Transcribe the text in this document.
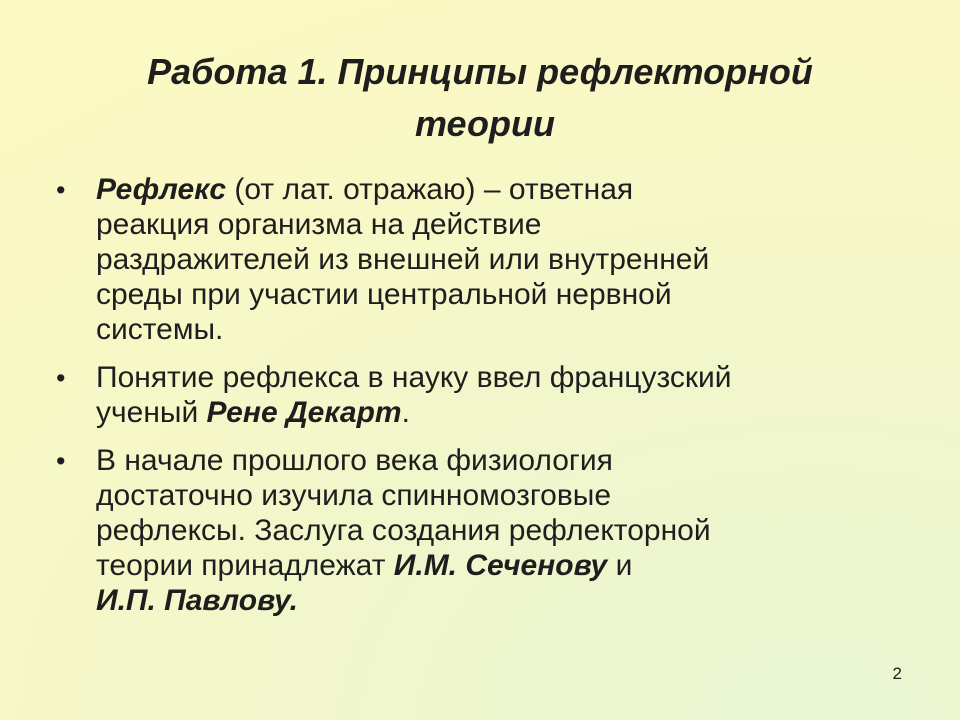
Работа 1. Принципы рефлекторной
теории
• Рефлекс (от лат. отражаю) – ответная
реакция организма на действие
раздражителей из внешней или внутренней
среды при участии центральной нервной
системы.
• Понятие рефлекса в науку ввел французский
ученый Рене Декарт.
• В начале прошлого века физиология
достаточно изучила спинномозговые
рефлексы. Заслуга создания рефлекторной
теории принадлежат И.М. Сеченову и
И.П. Павлову.
2
